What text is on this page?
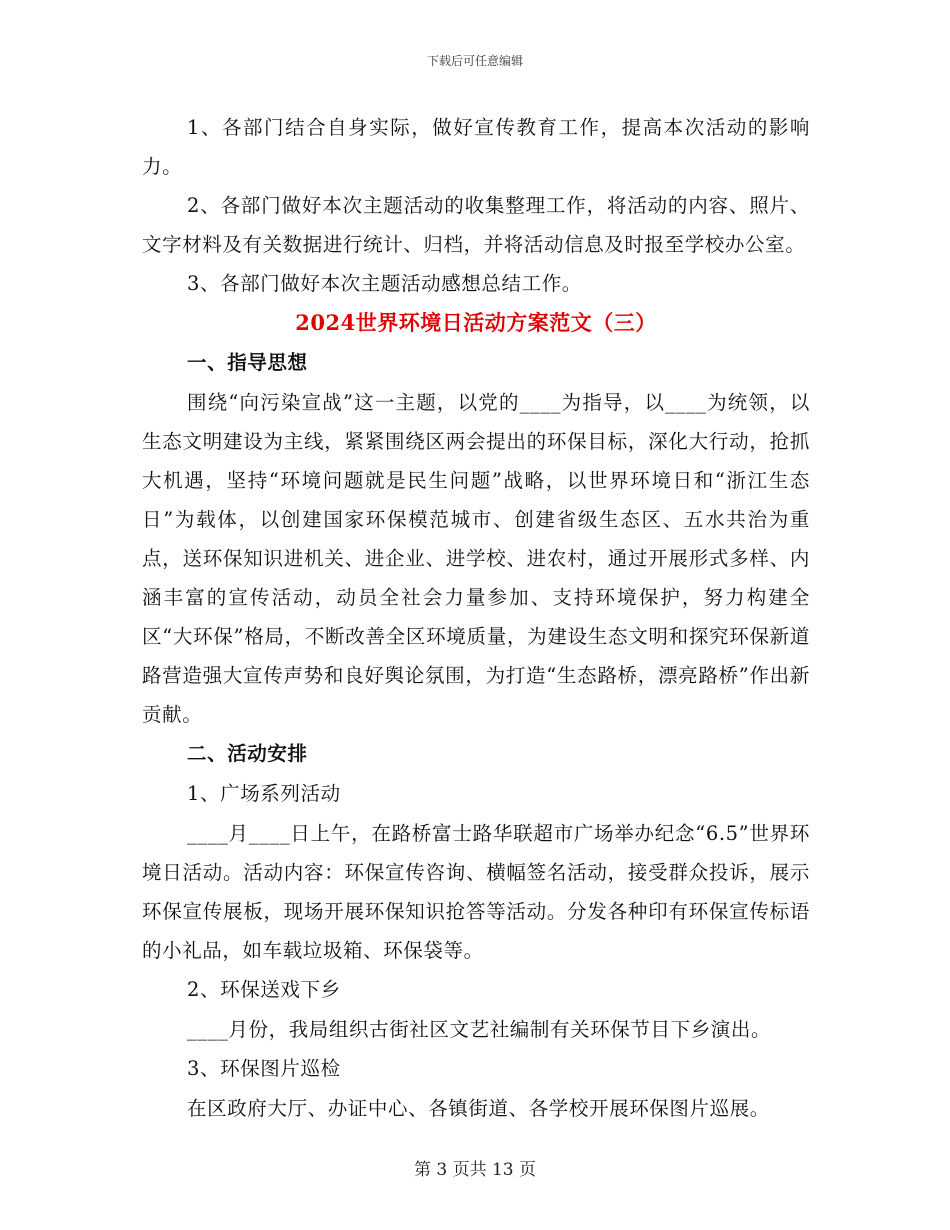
下载后可任意编辑

1、各部门结合自身实际，做好宣传教育工作，提高本次活动的影响力。

2、各部门做好本次主题活动的收集整理工作，将活动的内容、照片、文字材料及有关数据进行统计、归档，并将活动信息及时报至学校办公室。

3、各部门做好本次主题活动感想总结工作。

2024世界环境日活动方案范文（三）

一、指导思想

围绕“向污染宣战”这一主题，以党的____为指导，以____为统领，以生态文明建设为主线，紧紧围绕区两会提出的环保目标，深化大行动，抢抓大机遇，坚持“环境问题就是民生问题”战略，以世界环境日和“浙江生态日”为载体，以创建国家环保模范城市、创建省级生态区、五水共治为重点，送环保知识进机关、进企业、进学校、进农村，通过开展形式多样、内涵丰富的宣传活动，动员全社会力量参加、支持环境保护，努力构建全区“大环保”格局，不断改善全区环境质量，为建设生态文明和探究环保新道路营造强大宣传声势和良好舆论氛围，为打造“生态路桥，漂亮路桥”作出新贡献。

二、活动安排

1、广场系列活动

____月____日上午，在路桥富士路华联超市广场举办纪念“6.5”世界环境日活动。活动内容：环保宣传咨询、横幅签名活动，接受群众投诉，展示环保宣传展板，现场开展环保知识抢答等活动。分发各种印有环保宣传标语的小礼品，如车载垃圾箱、环保袋等。

2、环保送戏下乡

____月份，我局组织古街社区文艺社编制有关环保节目下乡演出。

3、环保图片巡检

在区政府大厅、办证中心、各镇街道、各学校开展环保图片巡展。

第 3 页共 13 页
